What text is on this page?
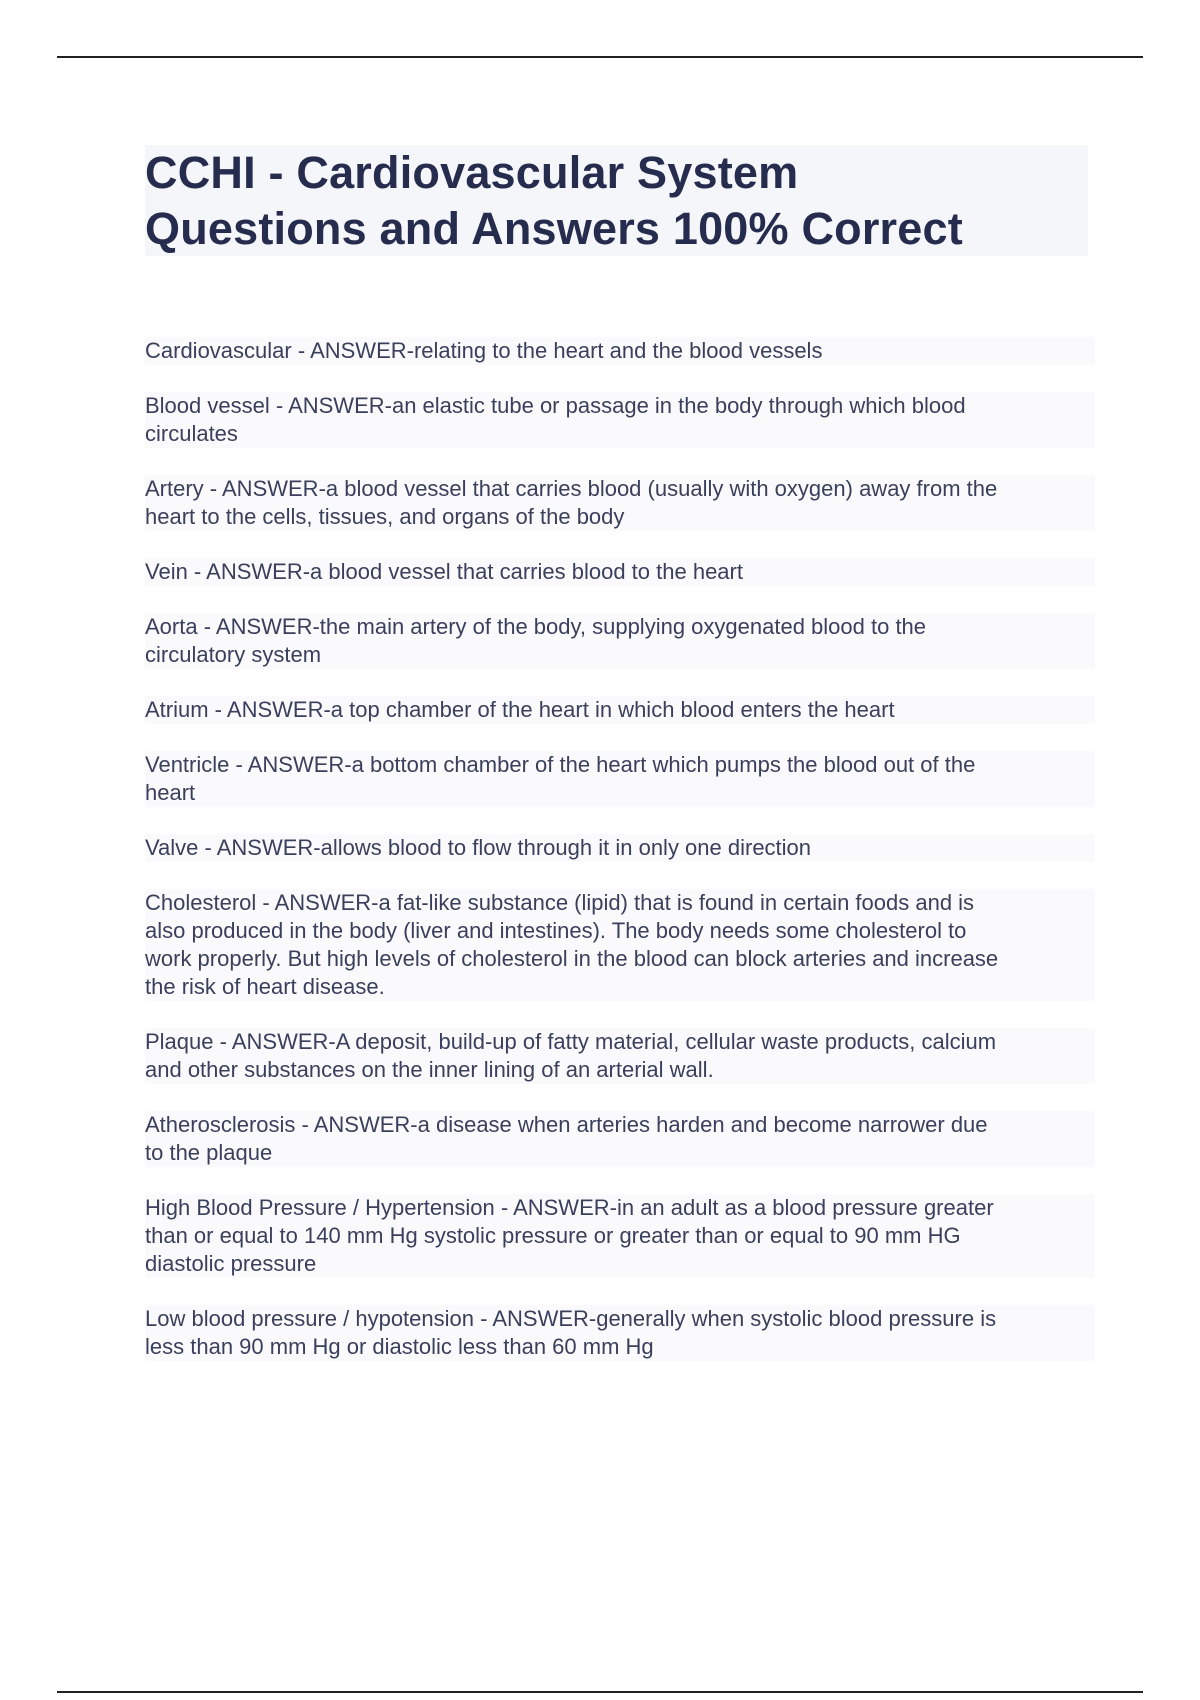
CCHI - Cardiovascular System
Questions and Answers 100% Correct
Cardiovascular - ANSWER-relating to the heart and the blood vessels
Blood vessel - ANSWER-an elastic tube or passage in the body through which blood
circulates
Artery - ANSWER-a blood vessel that carries blood (usually with oxygen) away from the
heart to the cells, tissues, and organs of the body
Vein - ANSWER-a blood vessel that carries blood to the heart
Aorta - ANSWER-the main artery of the body, supplying oxygenated blood to the
circulatory system
Atrium - ANSWER-a top chamber of the heart in which blood enters the heart
Ventricle - ANSWER-a bottom chamber of the heart which pumps the blood out of the
heart
Valve - ANSWER-allows blood to flow through it in only one direction
Cholesterol - ANSWER-a fat-like substance (lipid) that is found in certain foods and is
also produced in the body (liver and intestines). The body needs some cholesterol to
work properly. But high levels of cholesterol in the blood can block arteries and increase
the risk of heart disease.
Plaque - ANSWER-A deposit, build-up of fatty material, cellular waste products, calcium
and other substances on the inner lining of an arterial wall.
Atherosclerosis - ANSWER-a disease when arteries harden and become narrower due
to the plaque
High Blood Pressure / Hypertension - ANSWER-in an adult as a blood pressure greater
than or equal to 140 mm Hg systolic pressure or greater than or equal to 90 mm HG
diastolic pressure
Low blood pressure / hypotension - ANSWER-generally when systolic blood pressure is
less than 90 mm Hg or diastolic less than 60 mm Hg
